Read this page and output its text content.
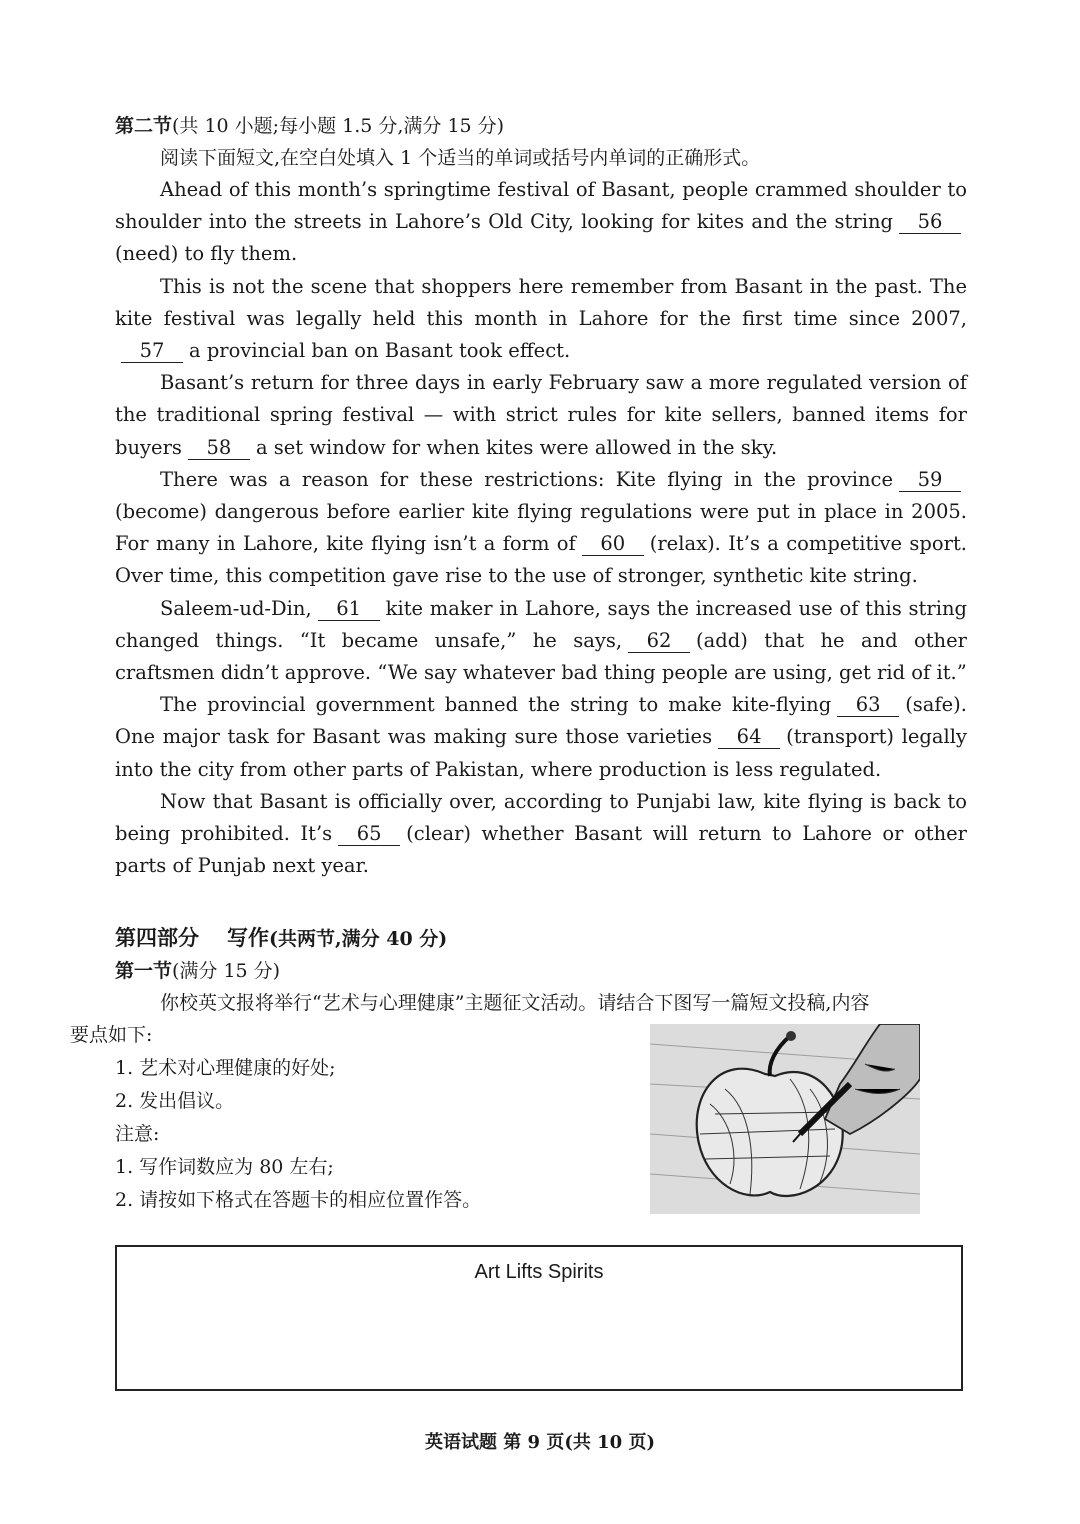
第二节(共 10 小题;每小题 1.5 分,满分 15 分)
阅读下面短文,在空白处填入 1 个适当的单词或括号内单词的正确形式。

Ahead of this month’s springtime festival of Basant, people crammed shoulder to shoulder into the streets in Lahore’s Old City, looking for kites and the string 56(need) to fly them.

This is not the scene that shoppers here remember from Basant in the past. The kite festival was legally held this month in Lahore for the first time since 2007,57 a provincial ban on Basant took effect.

Basant’s return for three days in early February saw a more regulated version of the traditional spring festival — with strict rules for kite sellers, banned items for buyers 58 a set window for when kites were allowed in the sky.

There was a reason for these restrictions: Kite flying in the province 59(become) dangerous before earlier kite flying regulations were put in place in 2005. For many in Lahore, kite flying isn’t a form of 60 (relax). It’s a competitive sport. Over time, this competition gave rise to the use of stronger, synthetic kite string.

Saleem-ud-Din, 61 kite maker in Lahore, says the increased use of this string changed things. “It became unsafe,” he says, 62 (add) that he and other craftsmen didn’t approve. “We say whatever bad thing people are using, get rid of it.”

The provincial government banned the string to make kite-flying 63 (safe). One major task for Basant was making sure those varieties 64 (transport) legally into the city from other parts of Pakistan, where production is less regulated.

Now that Basant is officially over, according to Punjabi law, kite flying is back to being prohibited. It’s 65 (clear) whether Basant will return to Lahore or other parts of Punjab next year.

第四部分 写作(共两节,满分 40 分)
第一节(满分 15 分)
你校英文报将举行“艺术与心理健康”主题征文活动。请结合下图写一篇短文投稿,内容
要点如下:
1. 艺术对心理健康的好处;
2. 发出倡议。
注意:
1. 写作词数应为 80 左右;
2. 请按如下格式在答题卡的相应位置作答。
Art Lifts Spirits
英语试题 第 9 页(共 10 页)
